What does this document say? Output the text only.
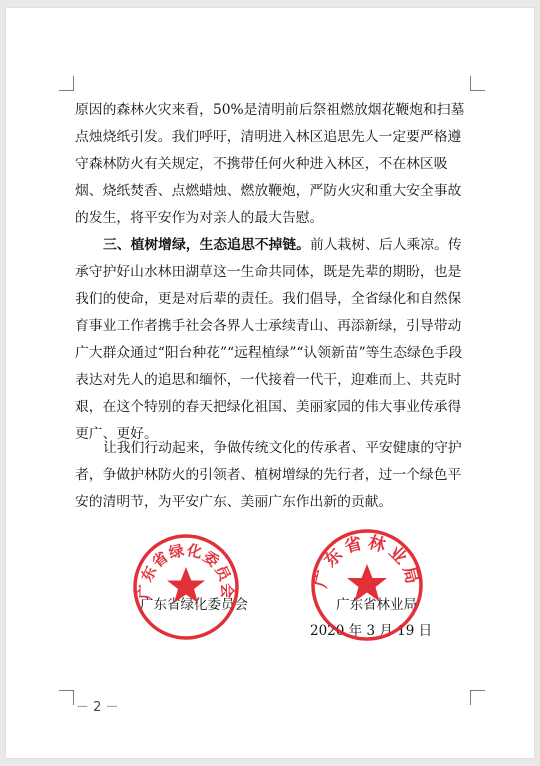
原因的森林火灾来看，50%是清明前后祭祖燃放烟花鞭炮和扫墓点烛烧纸引发。我们呼吁，清明进入林区追思先人一定要严格遵守森林防火有关规定，不携带任何火种进入林区，不在林区吸烟、烧纸焚香、点燃蜡烛、燃放鞭炮，严防火灾和重大安全事故的发生，将平安作为对亲人的最大告慰。

三、植树增绿，生态追思不掉链。前人栽树、后人乘凉。传承守护好山水林田湖草这一生命共同体，既是先辈的期盼，也是我们的使命，更是对后辈的责任。我们倡导，全省绿化和自然保育事业工作者携手社会各界人士承续青山、再添新绿，引导带动广大群众通过“阳台种花”“远程植绿”“认领新苗”等生态绿色手段表达对先人的追思和缅怀，一代接着一代干，迎难而上、共克时艰，在这个特别的春天把绿化祖国、美丽家园的伟大事业传承得更广、更好。

让我们行动起来，争做传统文化的传承者、平安健康的守护者，争做护林防火的引领者、植树增绿的先行者，过一个绿色平安的清明节，为平安广东、美丽广东作出新的贡献。

广东省绿化委员会	广东省林业局
2020 年 3 月 19 日
广东省绿化委员会
广东省林业局
－ 2 －
